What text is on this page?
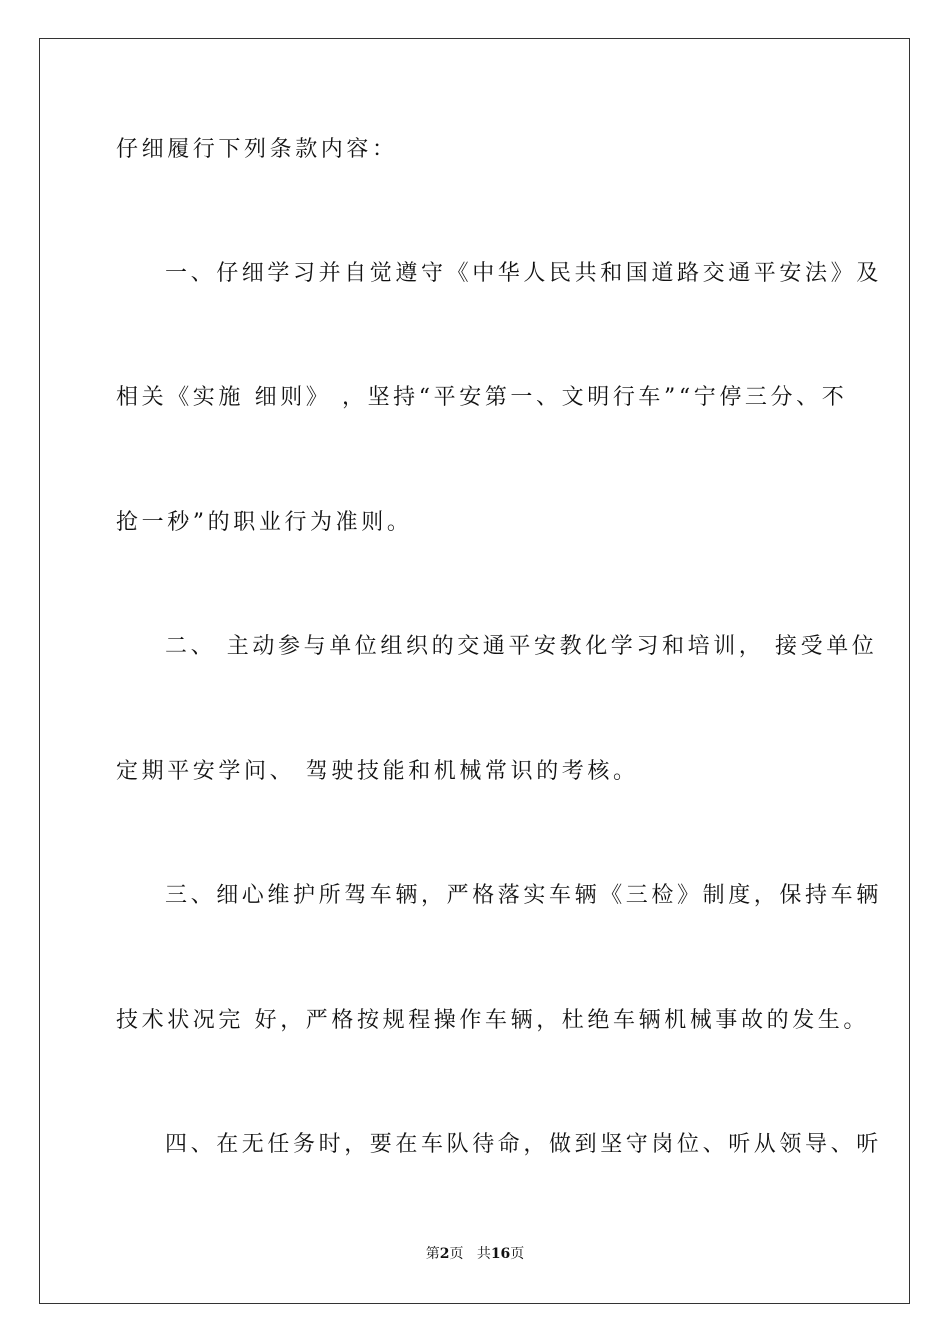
仔细履行下列条款内容：
一、仔细学习并自觉遵守《中华人民共和国道路交通平安法》及
相关《实施 细则》 ，坚持“平安第一、文明行车”“宁停三分、不
抢一秒”的职业行为准则。
二、 主动参与单位组织的交通平安教化学习和培训， 接受单位
定期平安学问、 驾驶技能和机械常识的考核。
三、细心维护所驾车辆，严格落实车辆《三检》制度，保持车辆
技术状况完 好，严格按规程操作车辆，杜绝车辆机械事故的发生。
四、在无任务时，要在车队待命，做到坚守岗位、听从领导、听
第2页 共16页
